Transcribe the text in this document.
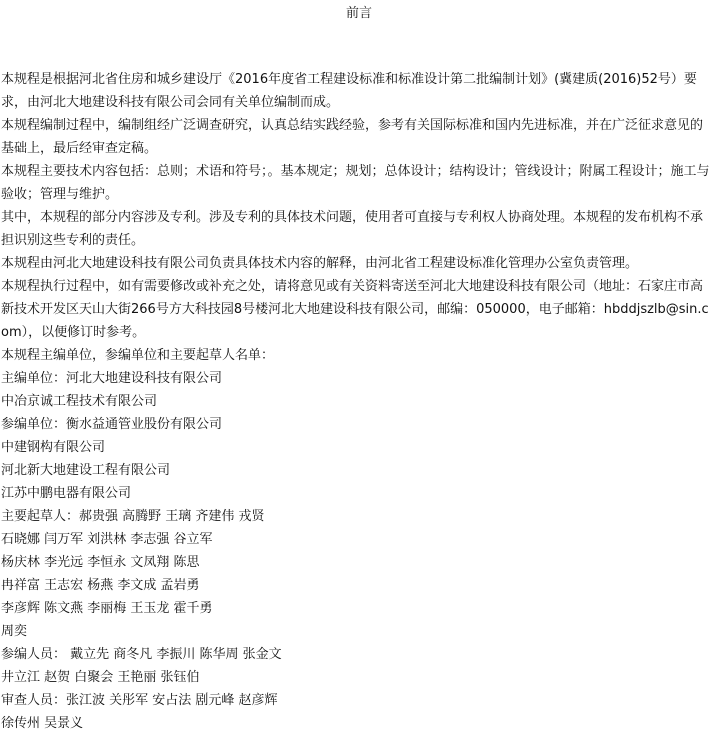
前言

本规程是根据河北省住房和城乡建设厅《2016年度省工程建设标准和标准设计第二批编制计划》(冀建质(2016)52号）要求，由河北大地建设科技有限公司会同有关单位编制而成。

本规程编制过程中，编制组经广泛调查研究，认真总结实践经验，参考有关国际标准和国内先进标准，并在广泛征求意见的基础上，最后经审查定稿。

本规程主要技术内容包括：总则；术语和符号；。基本规定；规划；总体设计；结构设计；管线设计；附属工程设计；施工与验收；管理与维护。

其中，本规程的部分内容涉及专利。涉及专利的具体技术问题，使用者可直接与专利权人协商处理。本规程的发布机构不承担识别这些专利的责任。

本规程由河北大地建设科技有限公司负责具体技术内容的解释，由河北省工程建设标准化管理办公室负责管理。

本规程执行过程中，如有需要修改或补充之处，请将意见或有关资料寄送至河北大地建设科技有限公司（地址：石家庄市高新技术开发区天山大街266号方大科技园8号楼河北大地建设科技有限公司，邮编：050000，电子邮箱：hbddjszlb@sin.com），以便修订时参考。

本规程主编单位，参编单位和主要起草人名单：

主编单位：河北大地建设科技有限公司

中冶京诚工程技术有限公司

参编单位：衡水益通管业股份有限公司

中建钢构有限公司

河北新大地建设工程有限公司

江苏中鹏电器有限公司

主要起草人：郝贵强 高腾野 王璃 齐建伟 戎贤

石晓娜 闫万军 刘洪林 李志强 谷立军

杨庆林 李光远 李恒永 文凤翔 陈思

冉祥富 王志宏 杨燕 李文成 孟岩勇

李彦辉 陈文燕 李丽梅 王玉龙 霍千勇

周奕

参编人员： 戴立先 商冬凡 李振川 陈华周 张金文

井立江 赵贺 白聚会 王艳丽 张钰伯

审查人员：张江波 关彤军 安占法 剧元峰 赵彦辉

徐传州 吴景义
